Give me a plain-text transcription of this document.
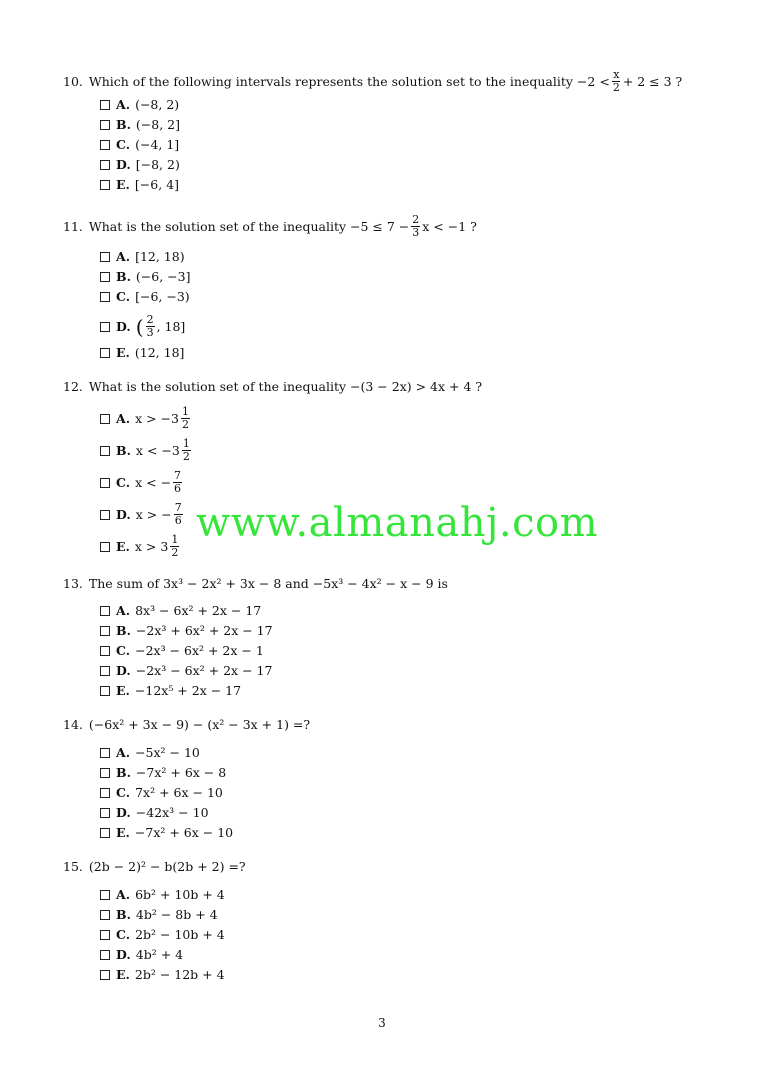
10. Which of the following intervals represents the solution set to the inequality $-2 < \frac{x}{2} + 2 \le 3$ ?
A. (−8, 2)
B. (−8, 2]
C. (−4, 1]
D. [−8, 2)
E. [−6, 4]
11. What is the solution set of the inequality $-5 \le 7 - \frac{2}{3}$ x < −1 ?
A. [12, 18)
B. (−6, −3]
C. [−6, −3)
D. ( $\frac{2}{3}$ , 18]
E. (12, 18]
12. What is the solution set of the inequality −(3 − 2x) > 4x + 4 ?
A. $x > -3 \frac{1}{2}$
B. $x < -3 \frac{1}{2}$
C. x < − $\frac{7}{6}$
D. x > − $\frac{7}{6}$
E. $x > 3 \frac{1}{2}$
13. The sum of 3x³ − 2x² + 3x − 8 and −5x³ − 4x² − x − 9 is
A. 8x³ − 6x² + 2x − 17
B. −2x³ + 6x² + 2x − 17
C. −2x³ − 6x² + 2x − 1
D. −2x³ − 6x² + 2x − 17
E. −12x⁵ + 2x − 17
14. (−6x² + 3x − 9) − (x² − 3x + 1) =?
A. −5x² − 10
B. −7x² + 6x − 8
C. 7x² + 6x − 10
D. −42x³ − 10
E. −7x² + 6x − 10
15. (2b − 2)² − b(2b + 2) =?
A. 6b² + 10b + 4
B. 4b² − 8b + 4
C. 2b² − 10b + 4
D. 4b² + 4
E. 2b² − 12b + 4
www.almanahj.com
3
